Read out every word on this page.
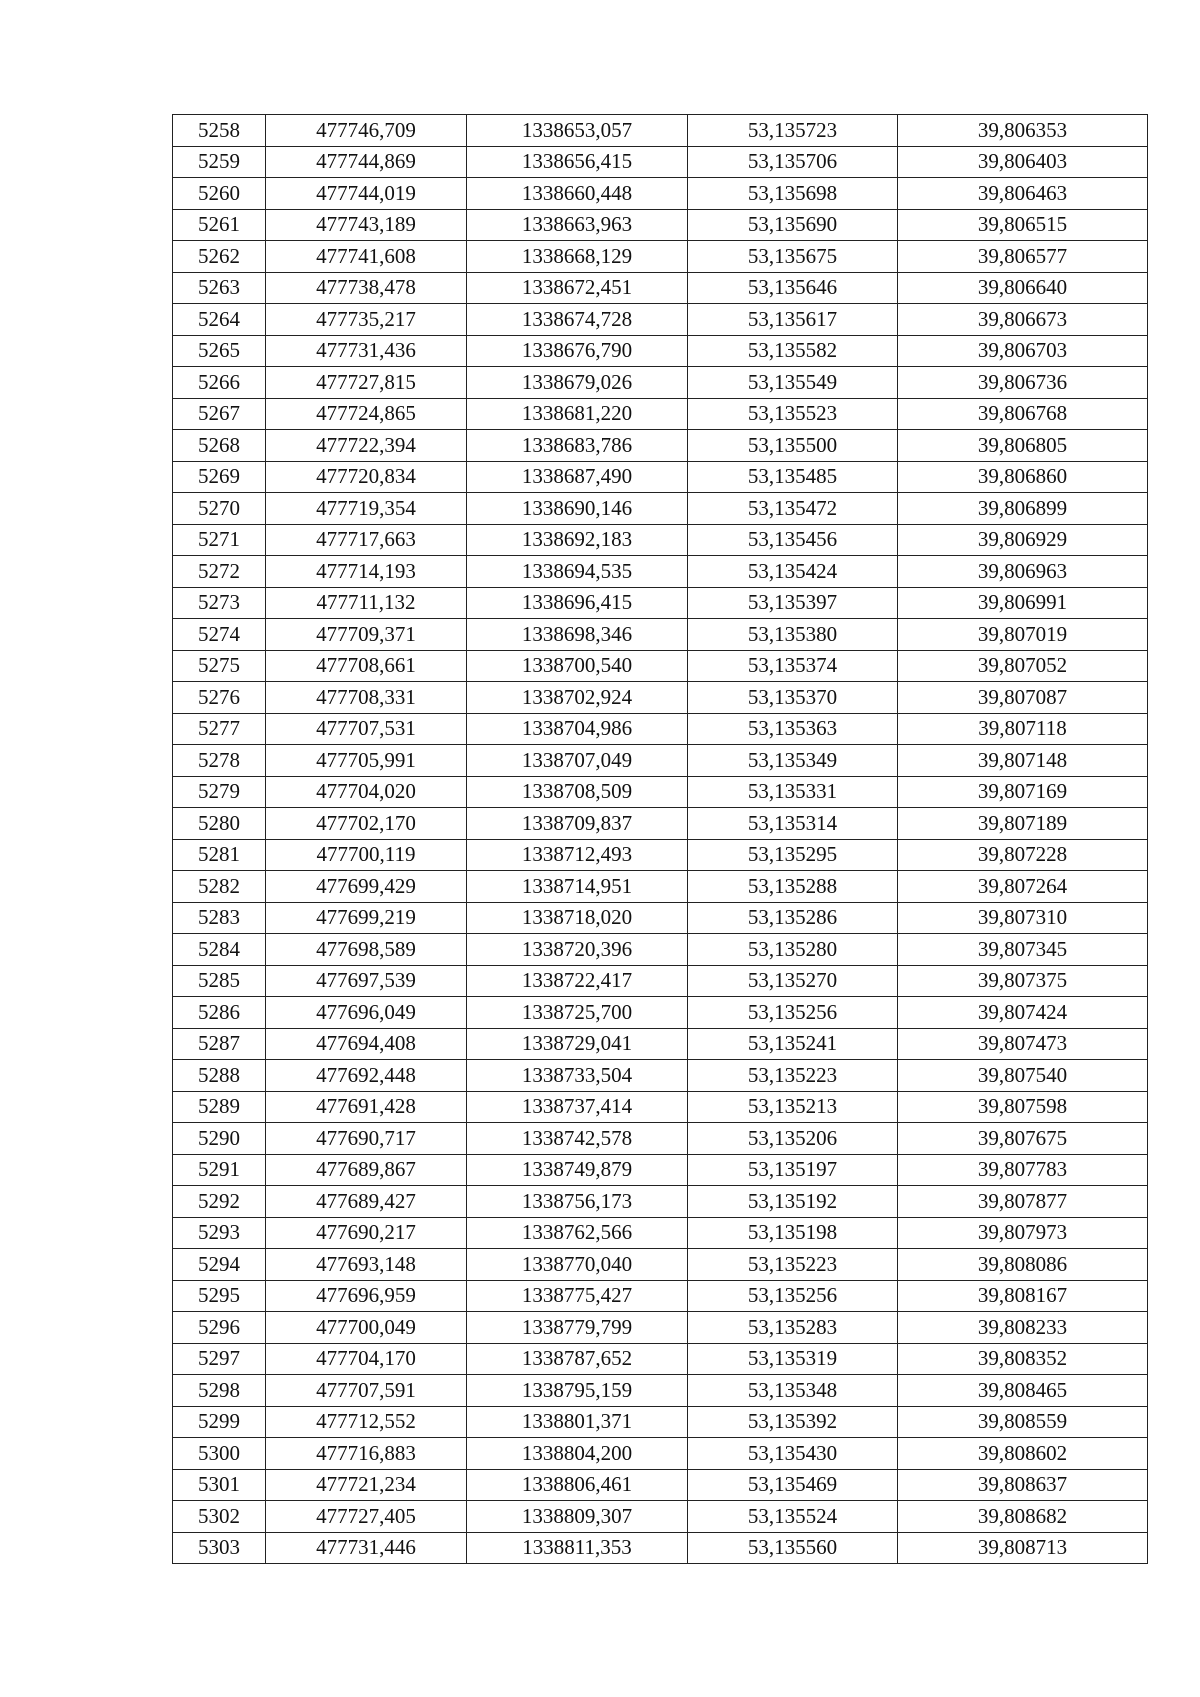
5258	477746,709	1338653,057	53,135723	39,806353
5259	477744,869	1338656,415	53,135706	39,806403
5260	477744,019	1338660,448	53,135698	39,806463
5261	477743,189	1338663,963	53,135690	39,806515
5262	477741,608	1338668,129	53,135675	39,806577
5263	477738,478	1338672,451	53,135646	39,806640
5264	477735,217	1338674,728	53,135617	39,806673
5265	477731,436	1338676,790	53,135582	39,806703
5266	477727,815	1338679,026	53,135549	39,806736
5267	477724,865	1338681,220	53,135523	39,806768
5268	477722,394	1338683,786	53,135500	39,806805
5269	477720,834	1338687,490	53,135485	39,806860
5270	477719,354	1338690,146	53,135472	39,806899
5271	477717,663	1338692,183	53,135456	39,806929
5272	477714,193	1338694,535	53,135424	39,806963
5273	477711,132	1338696,415	53,135397	39,806991
5274	477709,371	1338698,346	53,135380	39,807019
5275	477708,661	1338700,540	53,135374	39,807052
5276	477708,331	1338702,924	53,135370	39,807087
5277	477707,531	1338704,986	53,135363	39,807118
5278	477705,991	1338707,049	53,135349	39,807148
5279	477704,020	1338708,509	53,135331	39,807169
5280	477702,170	1338709,837	53,135314	39,807189
5281	477700,119	1338712,493	53,135295	39,807228
5282	477699,429	1338714,951	53,135288	39,807264
5283	477699,219	1338718,020	53,135286	39,807310
5284	477698,589	1338720,396	53,135280	39,807345
5285	477697,539	1338722,417	53,135270	39,807375
5286	477696,049	1338725,700	53,135256	39,807424
5287	477694,408	1338729,041	53,135241	39,807473
5288	477692,448	1338733,504	53,135223	39,807540
5289	477691,428	1338737,414	53,135213	39,807598
5290	477690,717	1338742,578	53,135206	39,807675
5291	477689,867	1338749,879	53,135197	39,807783
5292	477689,427	1338756,173	53,135192	39,807877
5293	477690,217	1338762,566	53,135198	39,807973
5294	477693,148	1338770,040	53,135223	39,808086
5295	477696,959	1338775,427	53,135256	39,808167
5296	477700,049	1338779,799	53,135283	39,808233
5297	477704,170	1338787,652	53,135319	39,808352
5298	477707,591	1338795,159	53,135348	39,808465
5299	477712,552	1338801,371	53,135392	39,808559
5300	477716,883	1338804,200	53,135430	39,808602
5301	477721,234	1338806,461	53,135469	39,808637
5302	477727,405	1338809,307	53,135524	39,808682
5303	477731,446	1338811,353	53,135560	39,808713
